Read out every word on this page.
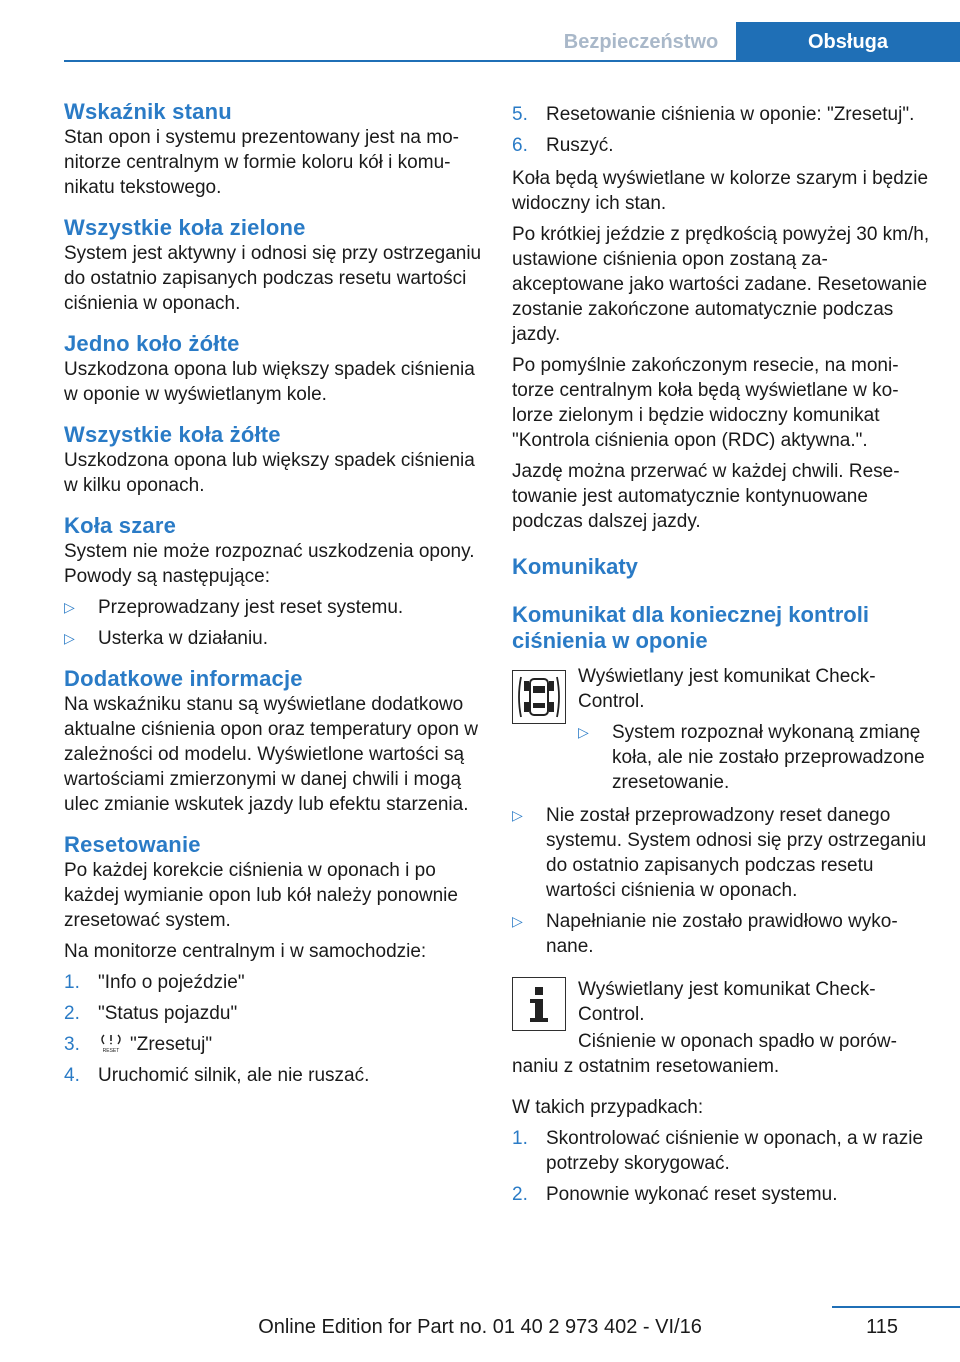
Bezpieczeństwo	Obsługa
Wskaźnik stanu

Stan opon i systemu prezentowany jest na monitorze centralnym w formie koloru kół i komunikatu tekstowego.

Wszystkie koła zielone

System jest aktywny i odnosi się przy ostrzeganiu do ostatnio zapisanych podczas resetu wartości ciśnienia w oponach.

Jedno koło żółte

Uszkodzona opona lub większy spadek ciśnienia w oponie w wyświetlanym kole.

Wszystkie koła żółte

Uszkodzona opona lub większy spadek ciśnienia w kilku oponach.

Koła szare

System nie może rozpoznać uszkodzenia opony. Powody są następujące:

▷ Przeprowadzany jest reset systemu.
▷ Usterka w działaniu.
Dodatkowe informacje

Na wskaźniku stanu są wyświetlane dodatkowo aktualne ciśnienia opon oraz temperatury opon w zależności od modelu. Wyświetlone wartości są wartościami zmierzonymi w danej chwili i mogą ulec zmianie wskutek jazdy lub efektu starzenia.

Resetowanie

Po każdej korekcie ciśnienia w oponach i po każdej wymianie opon lub kół należy ponownie zresetować system.

Na monitorze centralnym i w samochodzie:

1. "Info o pojeździe"
2. "Status pojazdu"
3.	RESET "Zresetuj"
4. Uruchomić silnik, ale nie ruszać.
5. Resetowanie ciśnienia w oponie: "Zresetuj".
6. Ruszyć.

Koła będą wyświetlane w kolorze szarym i będzie widoczny ich stan.

Po krótkiej jeździe z prędkością powyżej 30 km/h, ustawione ciśnienia opon zostaną zaakceptowane jako wartości zadane. Resetowanie zostanie zakończone automatycznie podczas jazdy.

Po pomyślnie zakończonym resecie, na monitorze centralnym koła będą wyświetlane w kolorze zielonym i będzie widoczny komunikat "Kontrola ciśnienia opon (RDC) aktywna.".

Jazdę można przerwać w każdej chwili. Resetowanie jest automatycznie kontynuowane podczas dalszej jazdy.

Komunikaty
Komunikat dla koniecznej kontroli ciśnienia w oponie

Wyświetlany jest komunikat Check-Control.

▷ System rozpoznał wykonaną zmianę koła, ale nie zostało przeprowadzone zresetowanie.
▷ Nie został przeprowadzony reset danego systemu. System odnosi się przy ostrzeganiu do ostatnio zapisanych podczas resetu wartości ciśnienia w oponach.
▷ Napełnianie nie zostało prawidłowo wykonane.

Wyświetlany jest komunikat Check-Control.

Ciśnienie w oponach spadło w porównaniu z ostatnim resetowaniem.

W takich przypadkach:

1. Skontrolować ciśnienie w oponach, a w razie potrzeby skorygować.
2. Ponownie wykonać reset systemu.
115
Online Edition for Part no. 01 40 2 973 402 - VI/16
